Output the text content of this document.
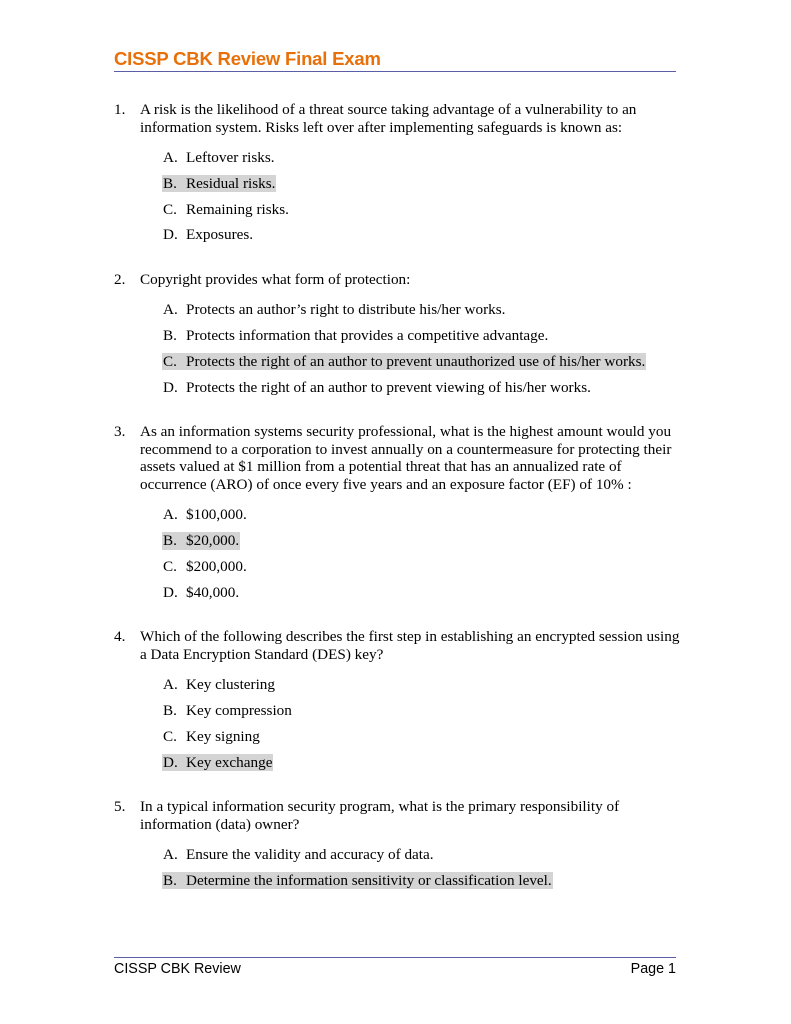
CISSP CBK Review Final Exam
1. A risk is the likelihood of a threat source taking advantage of a vulnerability to an information system. Risks left over after implementing safeguards is known as:
A. Leftover risks.
B. Residual risks.
C. Remaining risks.
D. Exposures.
2. Copyright provides what form of protection:
A. Protects an author’s right to distribute his/her works.
B. Protects information that provides a competitive advantage.
C. Protects the right of an author to prevent unauthorized use of his/her works.
D. Protects the right of an author to prevent viewing of his/her works.
3. As an information systems security professional, what is the highest amount would you recommend to a corporation to invest annually on a countermeasure for protecting their assets valued at $1 million from a potential threat that has an annualized rate of occurrence (ARO) of once every five years and an exposure factor (EF) of 10% :
A. $100,000.
B. $20,000.
C. $200,000.
D. $40,000.
4. Which of the following describes the first step in establishing an encrypted session using a Data Encryption Standard (DES) key?
A. Key clustering
B. Key compression
C. Key signing
D. Key exchange
5. In a typical information security program, what is the primary responsibility of information (data) owner?
A. Ensure the validity and accuracy of data.
B. Determine the information sensitivity or classification level.
CISSP CBK Review	Page 1
